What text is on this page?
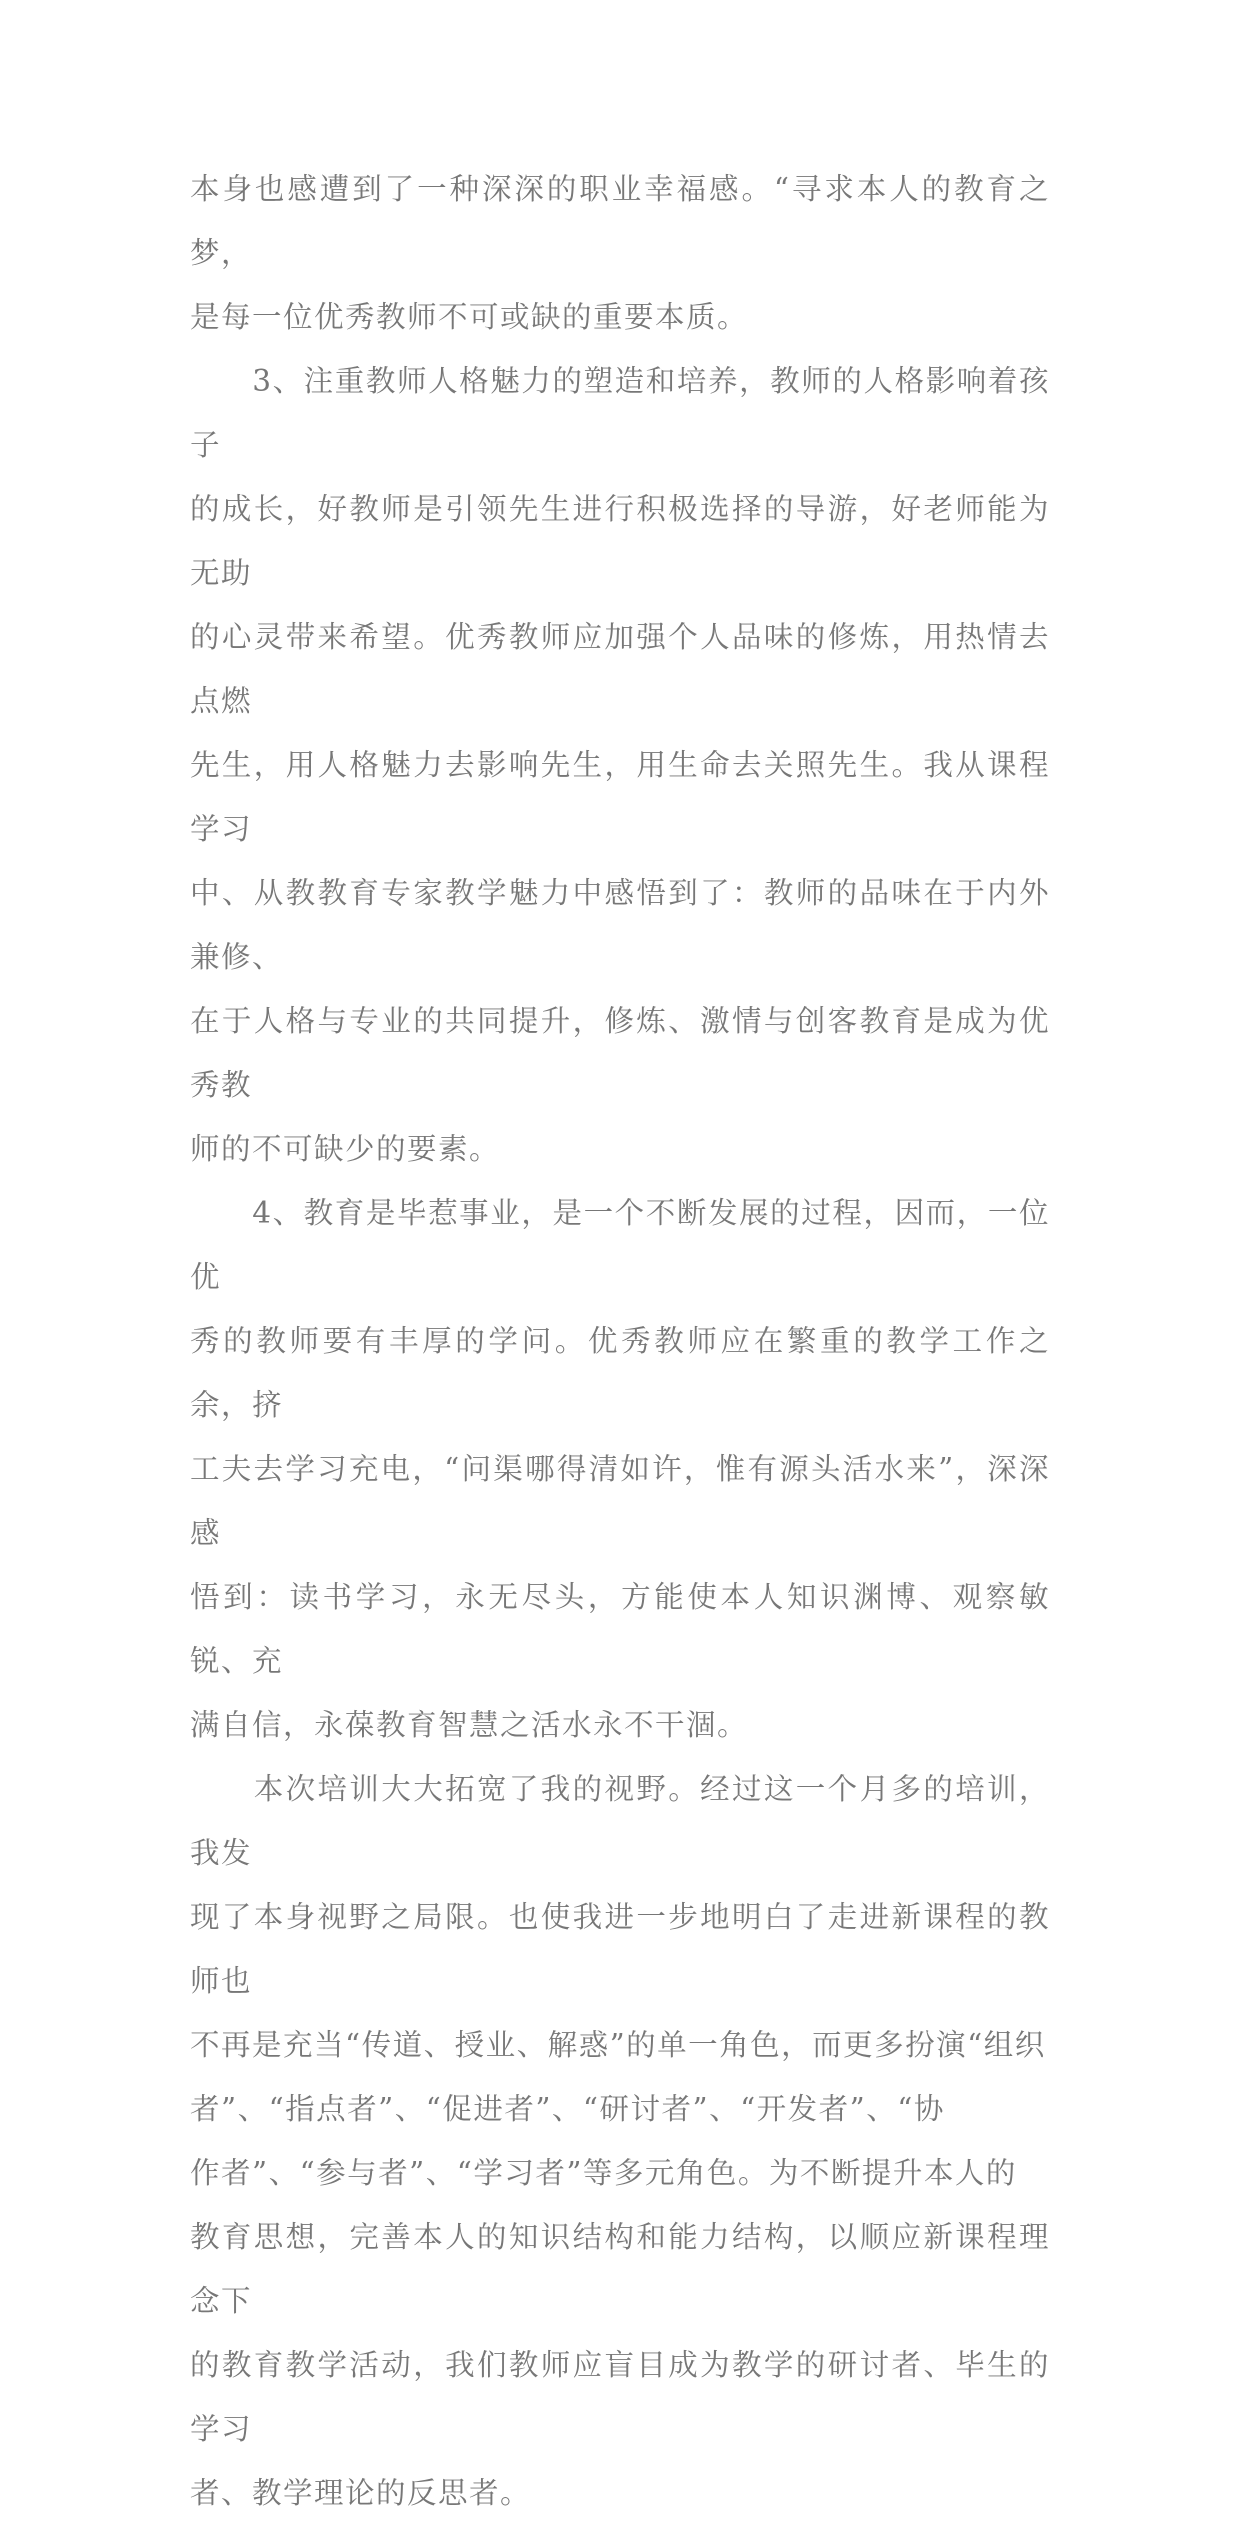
本身也感遭到了一种深深的职业幸福感。“寻求本人的教育之梦，
是每一位优秀教师不可或缺的重要本质。

　　3、注重教师人格魅力的塑造和培养，教师的人格影响着孩子
的成长，好教师是引领先生进行积极选择的导游，好老师能为无助
的心灵带来希望。优秀教师应加强个人品味的修炼，用热情去点燃
先生，用人格魅力去影响先生，用生命去关照先生。我从课程学习
中、从教教育专家教学魅力中感悟到了：教师的品味在于内外兼修、
在于人格与专业的共同提升，修炼、激情与创客教育是成为优秀教
师的不可缺少的要素。

　　4、教育是毕惹事业，是一个不断发展的过程，因而，一位优
秀的教师要有丰厚的学问。优秀教师应在繁重的教学工作之余，挤
工夫去学习充电，“问渠哪得清如许，惟有源头活水来”，深深感
悟到：读书学习，永无尽头，方能使本人知识渊博、观察敏锐、充
满自信，永葆教育智慧之活水永不干涸。

　　本次培训大大拓宽了我的视野。经过这一个月多的培训，我发
现了本身视野之局限。也使我进一步地明白了走进新课程的教师也
不再是充当“传道、授业、解惑”的单一角色，而更多扮演“组织
者”、“指点者”、“促进者”、“研讨者”、“开发者”、“协
作者”、“参与者”、“学习者”等多元角色。为不断提升本人的
教育思想，完善本人的知识结构和能力结构，以顺应新课程理念下
的教育教学活动，我们教师应盲目成为教学的研讨者、毕生的学习
者、教学理论的反思者。
